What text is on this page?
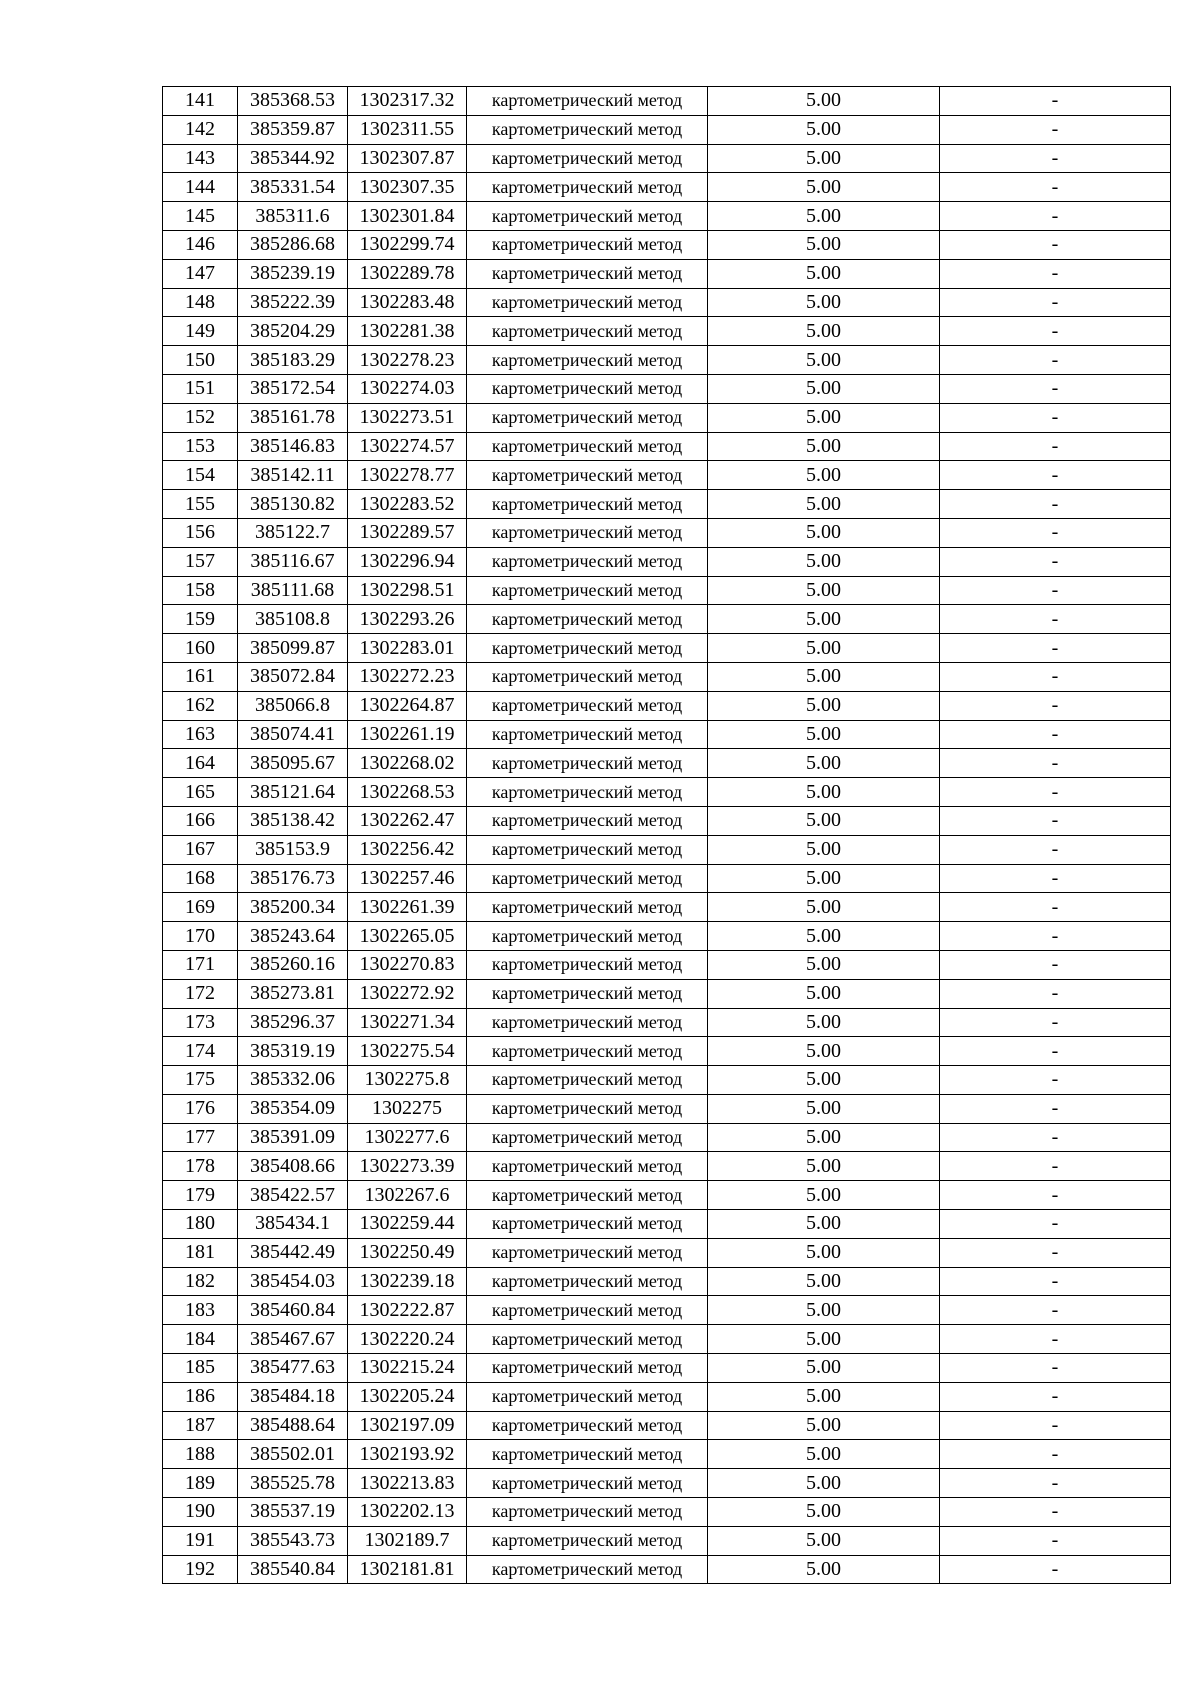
141	385368.53	1302317.32	картометрический метод	5.00	-
142	385359.87	1302311.55	картометрический метод	5.00	-
143	385344.92	1302307.87	картометрический метод	5.00	-
144	385331.54	1302307.35	картометрический метод	5.00	-
145	385311.6	1302301.84	картометрический метод	5.00	-
146	385286.68	1302299.74	картометрический метод	5.00	-
147	385239.19	1302289.78	картометрический метод	5.00	-
148	385222.39	1302283.48	картометрический метод	5.00	-
149	385204.29	1302281.38	картометрический метод	5.00	-
150	385183.29	1302278.23	картометрический метод	5.00	-
151	385172.54	1302274.03	картометрический метод	5.00	-
152	385161.78	1302273.51	картометрический метод	5.00	-
153	385146.83	1302274.57	картометрический метод	5.00	-
154	385142.11	1302278.77	картометрический метод	5.00	-
155	385130.82	1302283.52	картометрический метод	5.00	-
156	385122.7	1302289.57	картометрический метод	5.00	-
157	385116.67	1302296.94	картометрический метод	5.00	-
158	385111.68	1302298.51	картометрический метод	5.00	-
159	385108.8	1302293.26	картометрический метод	5.00	-
160	385099.87	1302283.01	картометрический метод	5.00	-
161	385072.84	1302272.23	картометрический метод	5.00	-
162	385066.8	1302264.87	картометрический метод	5.00	-
163	385074.41	1302261.19	картометрический метод	5.00	-
164	385095.67	1302268.02	картометрический метод	5.00	-
165	385121.64	1302268.53	картометрический метод	5.00	-
166	385138.42	1302262.47	картометрический метод	5.00	-
167	385153.9	1302256.42	картометрический метод	5.00	-
168	385176.73	1302257.46	картометрический метод	5.00	-
169	385200.34	1302261.39	картометрический метод	5.00	-
170	385243.64	1302265.05	картометрический метод	5.00	-
171	385260.16	1302270.83	картометрический метод	5.00	-
172	385273.81	1302272.92	картометрический метод	5.00	-
173	385296.37	1302271.34	картометрический метод	5.00	-
174	385319.19	1302275.54	картометрический метод	5.00	-
175	385332.06	1302275.8	картометрический метод	5.00	-
176	385354.09	1302275	картометрический метод	5.00	-
177	385391.09	1302277.6	картометрический метод	5.00	-
178	385408.66	1302273.39	картометрический метод	5.00	-
179	385422.57	1302267.6	картометрический метод	5.00	-
180	385434.1	1302259.44	картометрический метод	5.00	-
181	385442.49	1302250.49	картометрический метод	5.00	-
182	385454.03	1302239.18	картометрический метод	5.00	-
183	385460.84	1302222.87	картометрический метод	5.00	-
184	385467.67	1302220.24	картометрический метод	5.00	-
185	385477.63	1302215.24	картометрический метод	5.00	-
186	385484.18	1302205.24	картометрический метод	5.00	-
187	385488.64	1302197.09	картометрический метод	5.00	-
188	385502.01	1302193.92	картометрический метод	5.00	-
189	385525.78	1302213.83	картометрический метод	5.00	-
190	385537.19	1302202.13	картометрический метод	5.00	-
191	385543.73	1302189.7	картометрический метод	5.00	-
192	385540.84	1302181.81	картометрический метод	5.00	-
